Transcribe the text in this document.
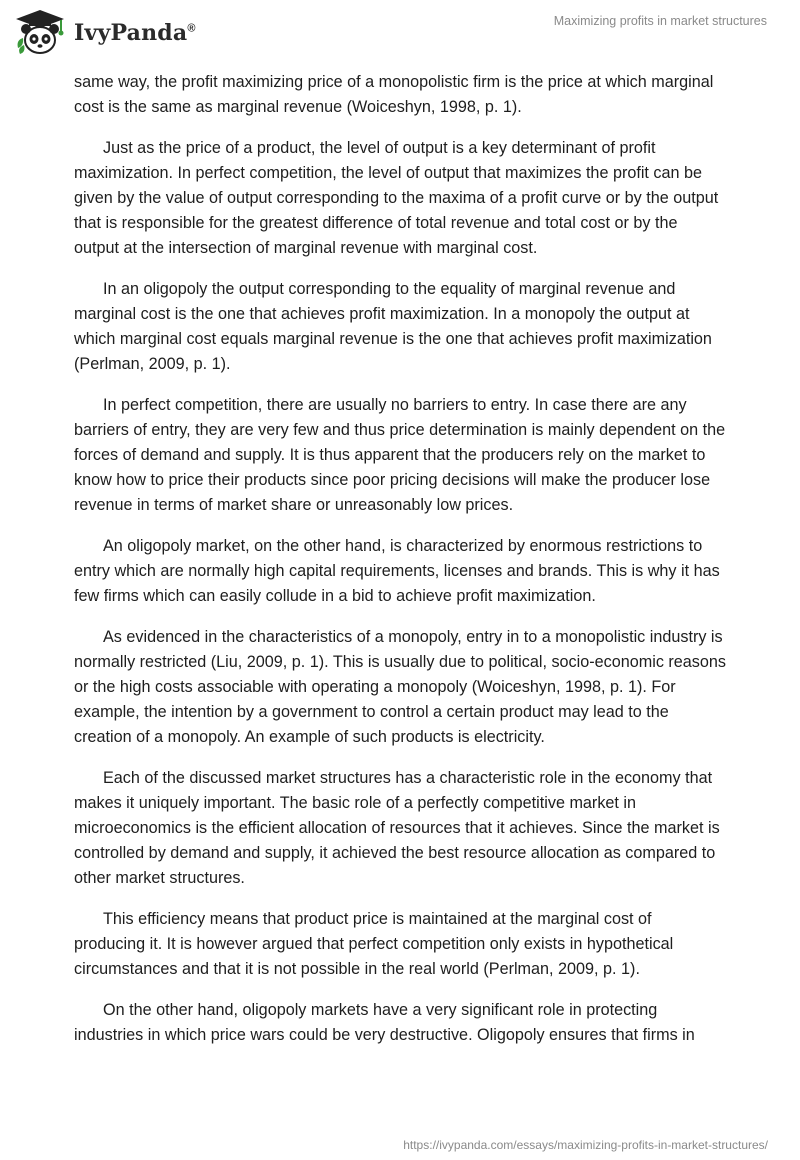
IvyPanda®
Maximizing profits in market structures

same way, the profit maximizing price of a monopolistic firm is the price at which marginal cost is the same as marginal revenue (Woiceshyn, 1998, p. 1).

Just as the price of a product, the level of output is a key determinant of profit maximization. In perfect competition, the level of output that maximizes the profit can be given by the value of output corresponding to the maxima of a profit curve or by the output that is responsible for the greatest difference of total revenue and total cost or by the output at the intersection of marginal revenue with marginal cost.

In an oligopoly the output corresponding to the equality of marginal revenue and marginal cost is the one that achieves profit maximization. In a monopoly the output at which marginal cost equals marginal revenue is the one that achieves profit maximization (Perlman, 2009, p. 1).

In perfect competition, there are usually no barriers to entry. In case there are any barriers of entry, they are very few and thus price determination is mainly dependent on the forces of demand and supply. It is thus apparent that the producers rely on the market to know how to price their products since poor pricing decisions will make the producer lose revenue in terms of market share or unreasonably low prices.

An oligopoly market, on the other hand, is characterized by enormous restrictions to entry which are normally high capital requirements, licenses and brands. This is why it has few firms which can easily collude in a bid to achieve profit maximization.

As evidenced in the characteristics of a monopoly, entry in to a monopolistic industry is normally restricted (Liu, 2009, p. 1). This is usually due to political, socio-economic reasons or the high costs associable with operating a monopoly (Woiceshyn, 1998, p. 1). For example, the intention by a government to control a certain product may lead to the creation of a monopoly. An example of such products is electricity.

Each of the discussed market structures has a characteristic role in the economy that makes it uniquely important. The basic role of a perfectly competitive market in microeconomics is the efficient allocation of resources that it achieves. Since the market is controlled by demand and supply, it achieved the best resource allocation as compared to other market structures.

This efficiency means that product price is maintained at the marginal cost of producing it. It is however argued that perfect competition only exists in hypothetical circumstances and that it is not possible in the real world (Perlman, 2009, p. 1).

On the other hand, oligopoly markets have a very significant role in protecting industries in which price wars could be very destructive. Oligopoly ensures that firms in

https://ivypanda.com/essays/maximizing-profits-in-market-structures/
